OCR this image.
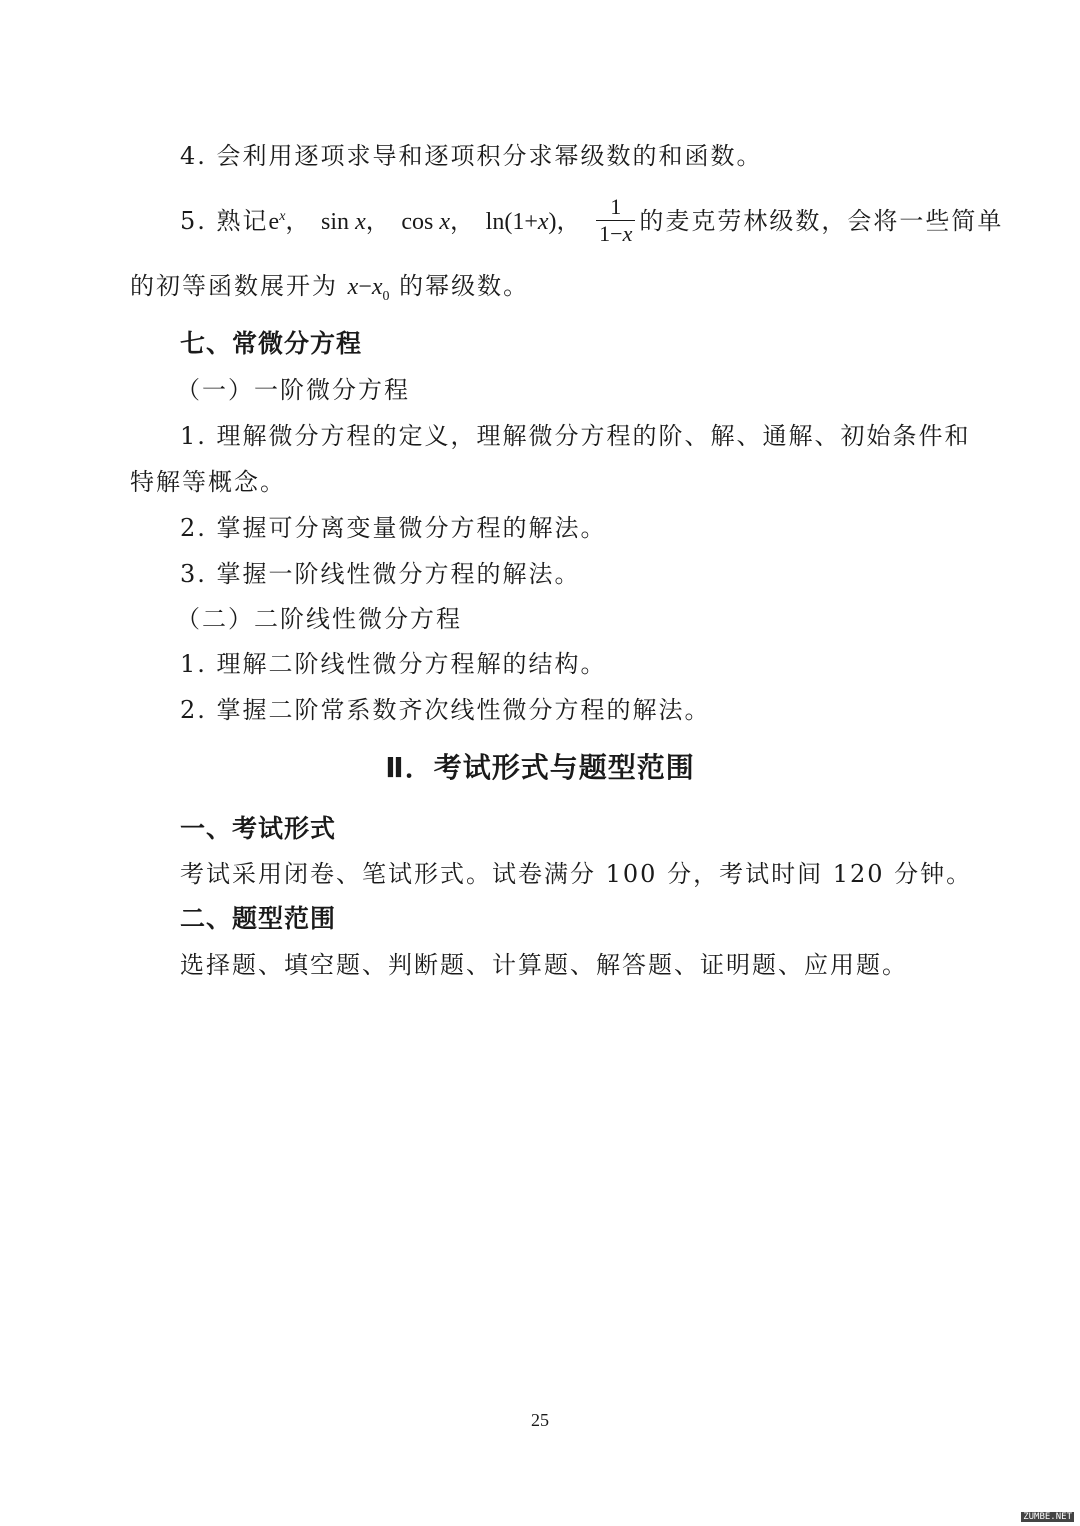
4. 会利用逐项求导和逐项积分求幂级数的和函数。
5. 熟记$e^x$， sin x， cos x， ln(1+x)， $\frac{1}{1-x}$ 的麦克劳林级数，会将一些简单
的初等函数展开为 $x-x_0$ 的幂级数。
七、常微分方程
（一）一阶微分方程
1. 理解微分方程的定义，理解微分方程的阶、解、通解、初始条件和
特解等概念。
2. 掌握可分离变量微分方程的解法。
3. 掌握一阶线性微分方程的解法。
（二）二阶线性微分方程
1. 理解二阶线性微分方程解的结构。
2. 掌握二阶常系数齐次线性微分方程的解法。
Ⅱ．考试形式与题型范围
一、考试形式
考试采用闭卷、笔试形式。试卷满分 100 分，考试时间 120 分钟。
二、题型范围
选择题、填空题、判断题、计算题、解答题、证明题、应用题。
25
ZUMBE.NET
